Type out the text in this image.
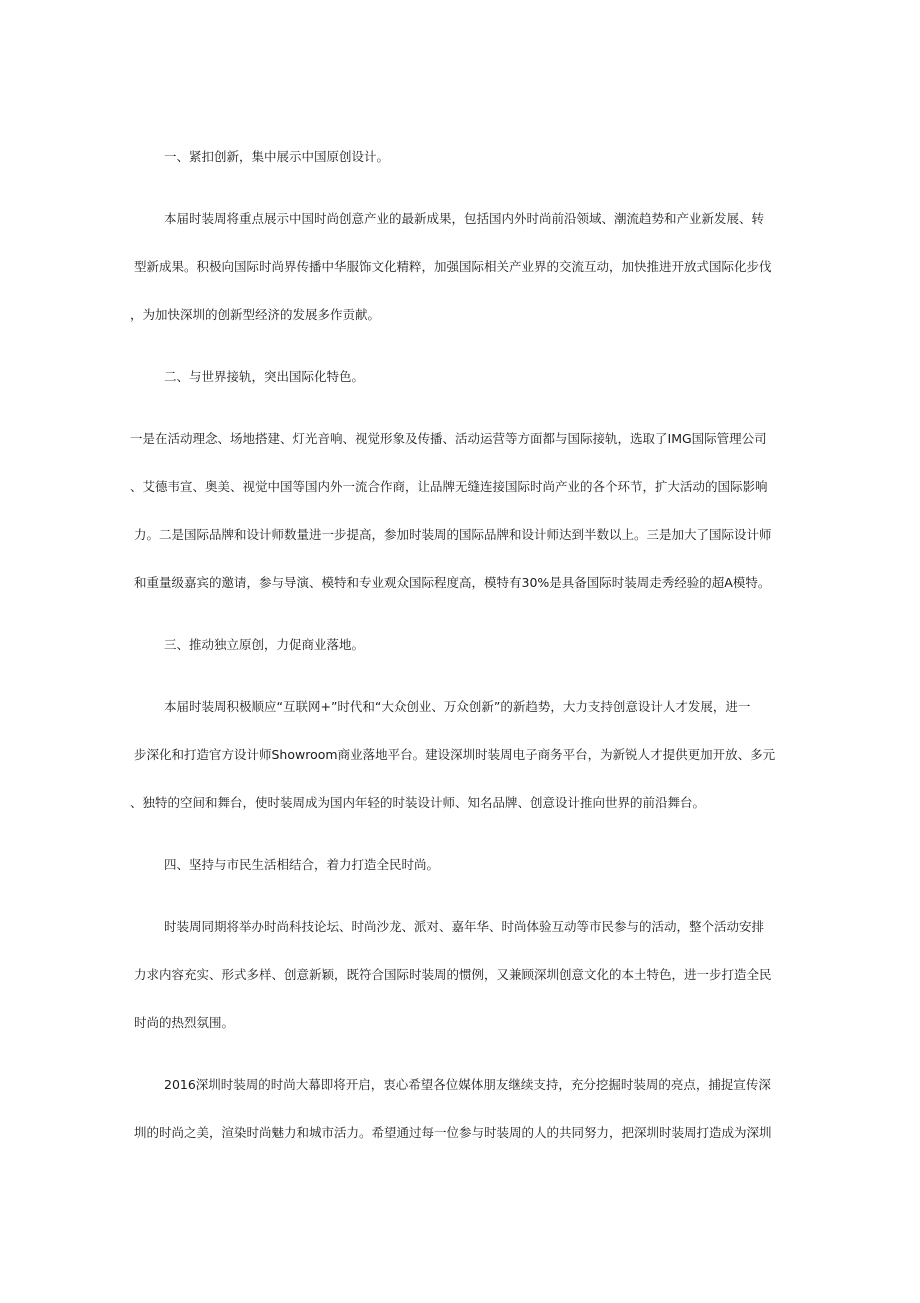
一、紧扣创新，集中展示中国原创设计。
本届时装周将重点展示中国时尚创意产业的最新成果，包括国内外时尚前沿领域、潮流趋势和产业新发展、转
型新成果。积极向国际时尚界传播中华服饰文化精粹，加强国际相关产业界的交流互动，加快推进开放式国际化步伐
，为加快深圳的创新型经济的发展多作贡献。
二、与世界接轨，突出国际化特色。
一是在活动理念、场地搭建、灯光音响、视觉形象及传播、活动运营等方面都与国际接轨，选取了IMG国际管理公司
、艾德韦宣、奥美、视觉中国等国内外一流合作商，让品牌无缝连接国际时尚产业的各个环节，扩大活动的国际影响
力。二是国际品牌和设计师数量进一步提高，参加时装周的国际品牌和设计师达到半数以上。三是加大了国际设计师
和重量级嘉宾的邀请，参与导演、模特和专业观众国际程度高，模特有30%是具备国际时装周走秀经验的超A模特。
三、推动独立原创，力促商业落地。
本届时装周积极顺应“互联网+”时代和“大众创业、万众创新”的新趋势，大力支持创意设计人才发展，进一
步深化和打造官方设计师Showroom商业落地平台。建设深圳时装周电子商务平台，为新锐人才提供更加开放、多元
、独特的空间和舞台，使时装周成为国内年轻的时装设计师、知名品牌、创意设计推向世界的前沿舞台。
四、坚持与市民生活相结合，着力打造全民时尚。
时装周同期将举办时尚科技论坛、时尚沙龙、派对、嘉年华、时尚体验互动等市民参与的活动，整个活动安排
力求内容充实、形式多样、创意新颖，既符合国际时装周的惯例，又兼顾深圳创意文化的本土特色，进一步打造全民
时尚的热烈氛围。
2016深圳时装周的时尚大幕即将开启，衷心希望各位媒体朋友继续支持，充分挖掘时装周的亮点，捕捉宣传深
圳的时尚之美，渲染时尚魅力和城市活力。希望通过每一位参与时装周的人的共同努力，把深圳时装周打造成为深圳
